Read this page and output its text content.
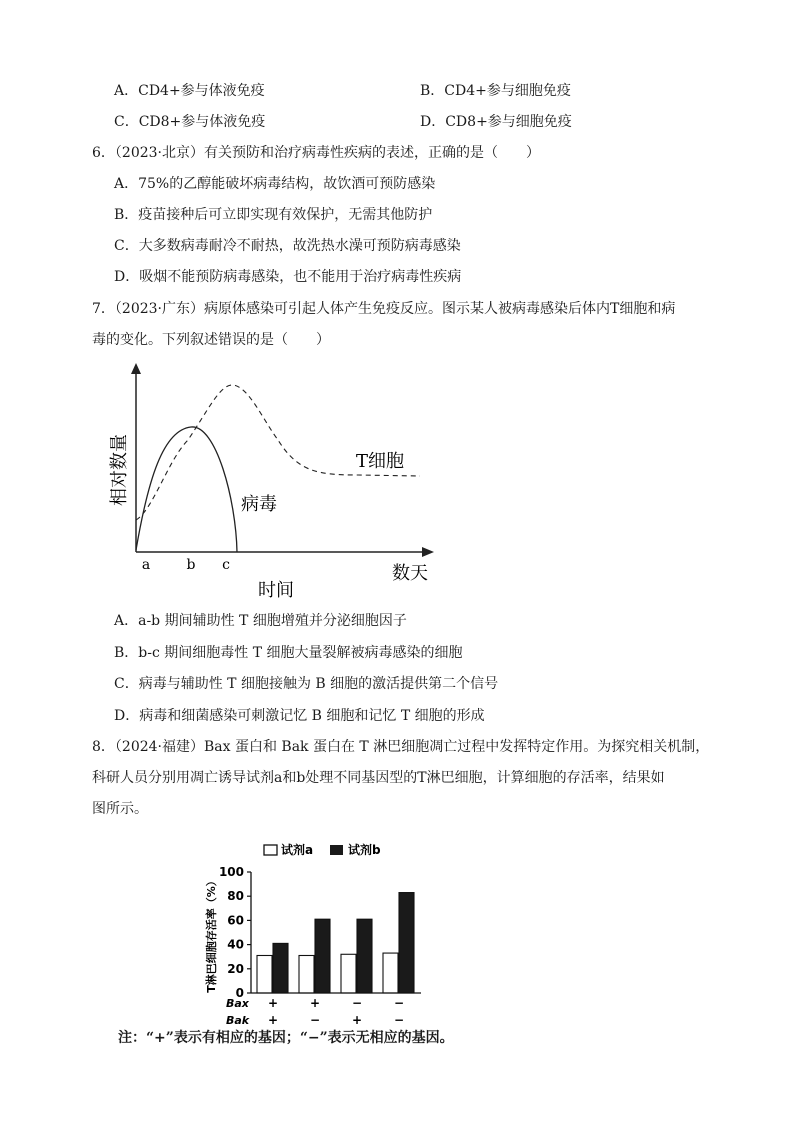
A．CD4+参与体液免疫	B．CD4+参与细胞免疫
C．CD8+参与体液免疫	D．CD8+参与细胞免疫
6．（2023·北京）有关预防和治疗病毒性疾病的表述，正确的是（　　）
A．75%的乙醇能破坏病毒结构，故饮酒可预防感染
B．疫苗接种后可立即实现有效保护，无需其他防护
C．大多数病毒耐冷不耐热，故洗热水澡可预防病毒感染
D．吸烟不能预防病毒感染，也不能用于治疗病毒性疾病
7．（2023·广东）病原体感染可引起人体产生免疫反应。图示某人被病毒感染后体内T细胞和病
毒的变化。下列叙述错误的是（　　）
a	b c
时间
数天
T细胞
病毒
相对数量
A．a-b 期间辅助性 T 细胞增殖并分泌细胞因子
B．b-c 期间细胞毒性 T 细胞大量裂解被病毒感染的细胞
C．病毒与辅助性 T 细胞接触为 B 细胞的激活提供第二个信号
D．病毒和细菌感染可刺激记忆 B 细胞和记忆 T 细胞的形成
8．（2024·福建）Bax 蛋白和 Bak 蛋白在 T 淋巴细胞凋亡过程中发挥特定作用。为探究相关机制，
科研人员分别用凋亡诱导试剂a和b处理不同基因型的T淋巴细胞，计算细胞的存活率，结果如
图所示。
试剂a	试剂b
T淋巴细胞存活率（%）
0
20
40
60
80
100
Bax
Bak
+
+
+
−
−
+
−
−
注：“+”表示有相应的基因；“−”表示无相应的基因。
